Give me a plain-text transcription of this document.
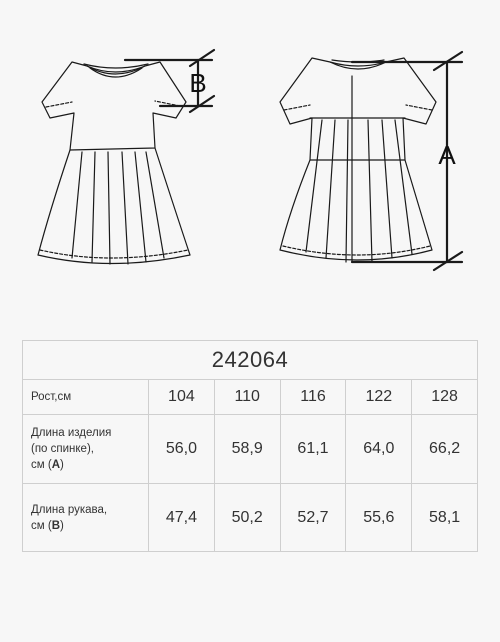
B
A
242064
Рост,см	104	110	116	122	128
Длина изделия
(по спинке),
см (A)
56,0	58,9	61,1	64,0	66,2
Длина рукава,
см (B)	47,4	50,2	52,7	55,6	58,1
